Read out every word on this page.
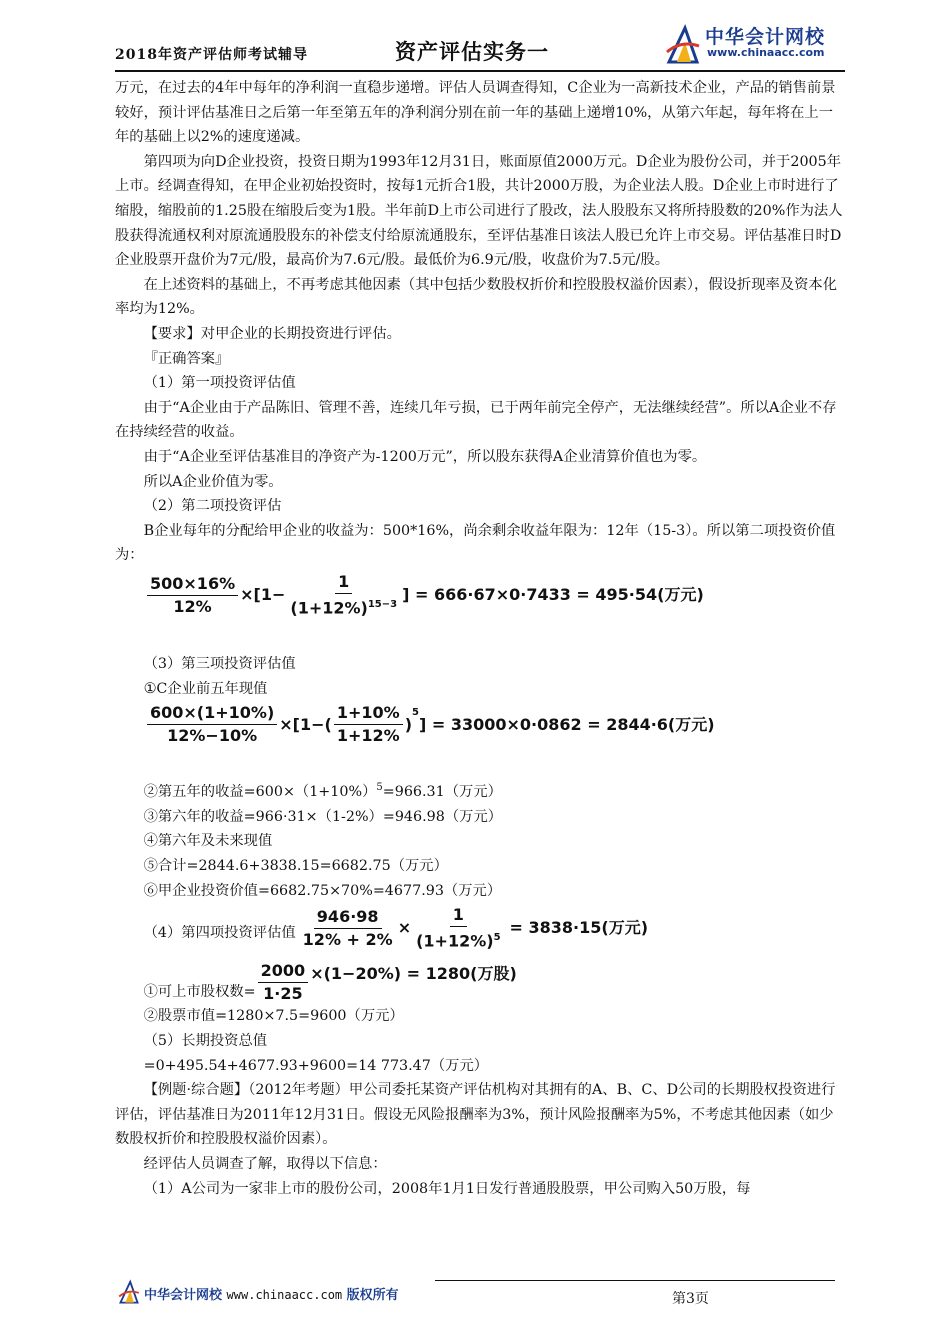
2018年资产评估师考试辅导	资产评估实务一
中华会计网校
www.chinaacc.com

万元，在过去的4年中每年的净利润一直稳步递增。评估人员调查得知，C企业为一高新技术企业，产品的销售前景较好，预计评估基准日之后第一年至第五年的净利润分别在前一年的基础上递增10%，从第六年起，每年将在上一年的基础上以2%的速度递减。

第四项为向D企业投资，投资日期为1993年12月31日，账面原值2000万元。D企业为股份公司，并于2005年上市。经调查得知，在甲企业初始投资时，按每1元折合1股，共计2000万股，为企业法人股。D企业上市时进行了缩股，缩股前的1.25股在缩股后变为1股。半年前D上市公司进行了股改，法人股股东又将所持股数的20%作为法人股获得流通权利对原流通股股东的补偿支付给原流通股东，至评估基准日该法人股已允许上市交易。评估基准日时D企业股票开盘价为7元/股，最高价为7.6元/股。最低价为6.9元/股，收盘价为7.5元/股。

在上述资料的基础上，不再考虑其他因素（其中包括少数股权折价和控股股权溢价因素），假设折现率及资本化率均为12%。

【要求】对甲企业的长期投资进行评估。

『正确答案』

（1）第一项投资评估值

由于“A企业由于产品陈旧、管理不善，连续几年亏损，已于两年前完全停产，无法继续经营”。所以A企业不存在持续经营的收益。

由于“A企业至评估基准目的净资产为-1200万元”，所以股东获得A企业清算价值也为零。

所以A企业价值为零。

（2）第二项投资评估

B企业每年的分配给甲企业的收益为：500*16%，尚余剩余收益年限为：12年（15-3）。所以第二项投资价值为：

$\frac{500\times 16\%}{12\%} \times[1- \frac{1}{(1+12\%)^{15-3}}$ ] = 666·67×0·7433 = 495·54(万元)

（3）第三项投资评估值

①C企业前五年现值

$\frac{600\times(1+10\%)}{12\%-10\%} \times[1-( \frac{1+10\%}{1+12\%}$ )
$^5$
] = 33000×0·0862 = 2844·6(万元)

②第五年的收益$=600\times(1+10\%)^5=966.31$（万元）

③第六年的收益=966·31×（1-2%）=946.98（万元）

④第六年及未来现值

⑤合计=2844.6+3838.15=6682.75（万元）

⑥甲企业投资价值=6682.75×70%=4677.93（万元）

（4）第四项投资评估值 $\frac{946\cdot 98}{12\% + 2\%} \times \frac{1}{(1+12\%)^5} = 3838\cdot 15$(万元)
①可上市股权数= $\frac{2000}{1\cdot 25} \times(1-20\%) = 1280$(万股)

②股票市值=1280×7.5=9600（万元）

（5）长期投资总值

=0+495.54+4677.93+9600=14 773.47（万元）

【例题·综合题】（2012年考题）甲公司委托某资产评估机构对其拥有的A、B、C、D公司的长期股权投资进行评估，评估基准日为2011年12月31日。假设无风险报酬率为3%，预计风险报酬率为5%，不考虑其他因素（如少数股权折价和控股股权溢价因素）。

经评估人员调查了解，取得以下信息：

（1）A公司为一家非上市的股份公司，2008年1月1日发行普通股股票，甲公司购入50万股，每

中华会计网校 www.chinaacc.com 版权所有	第3页
